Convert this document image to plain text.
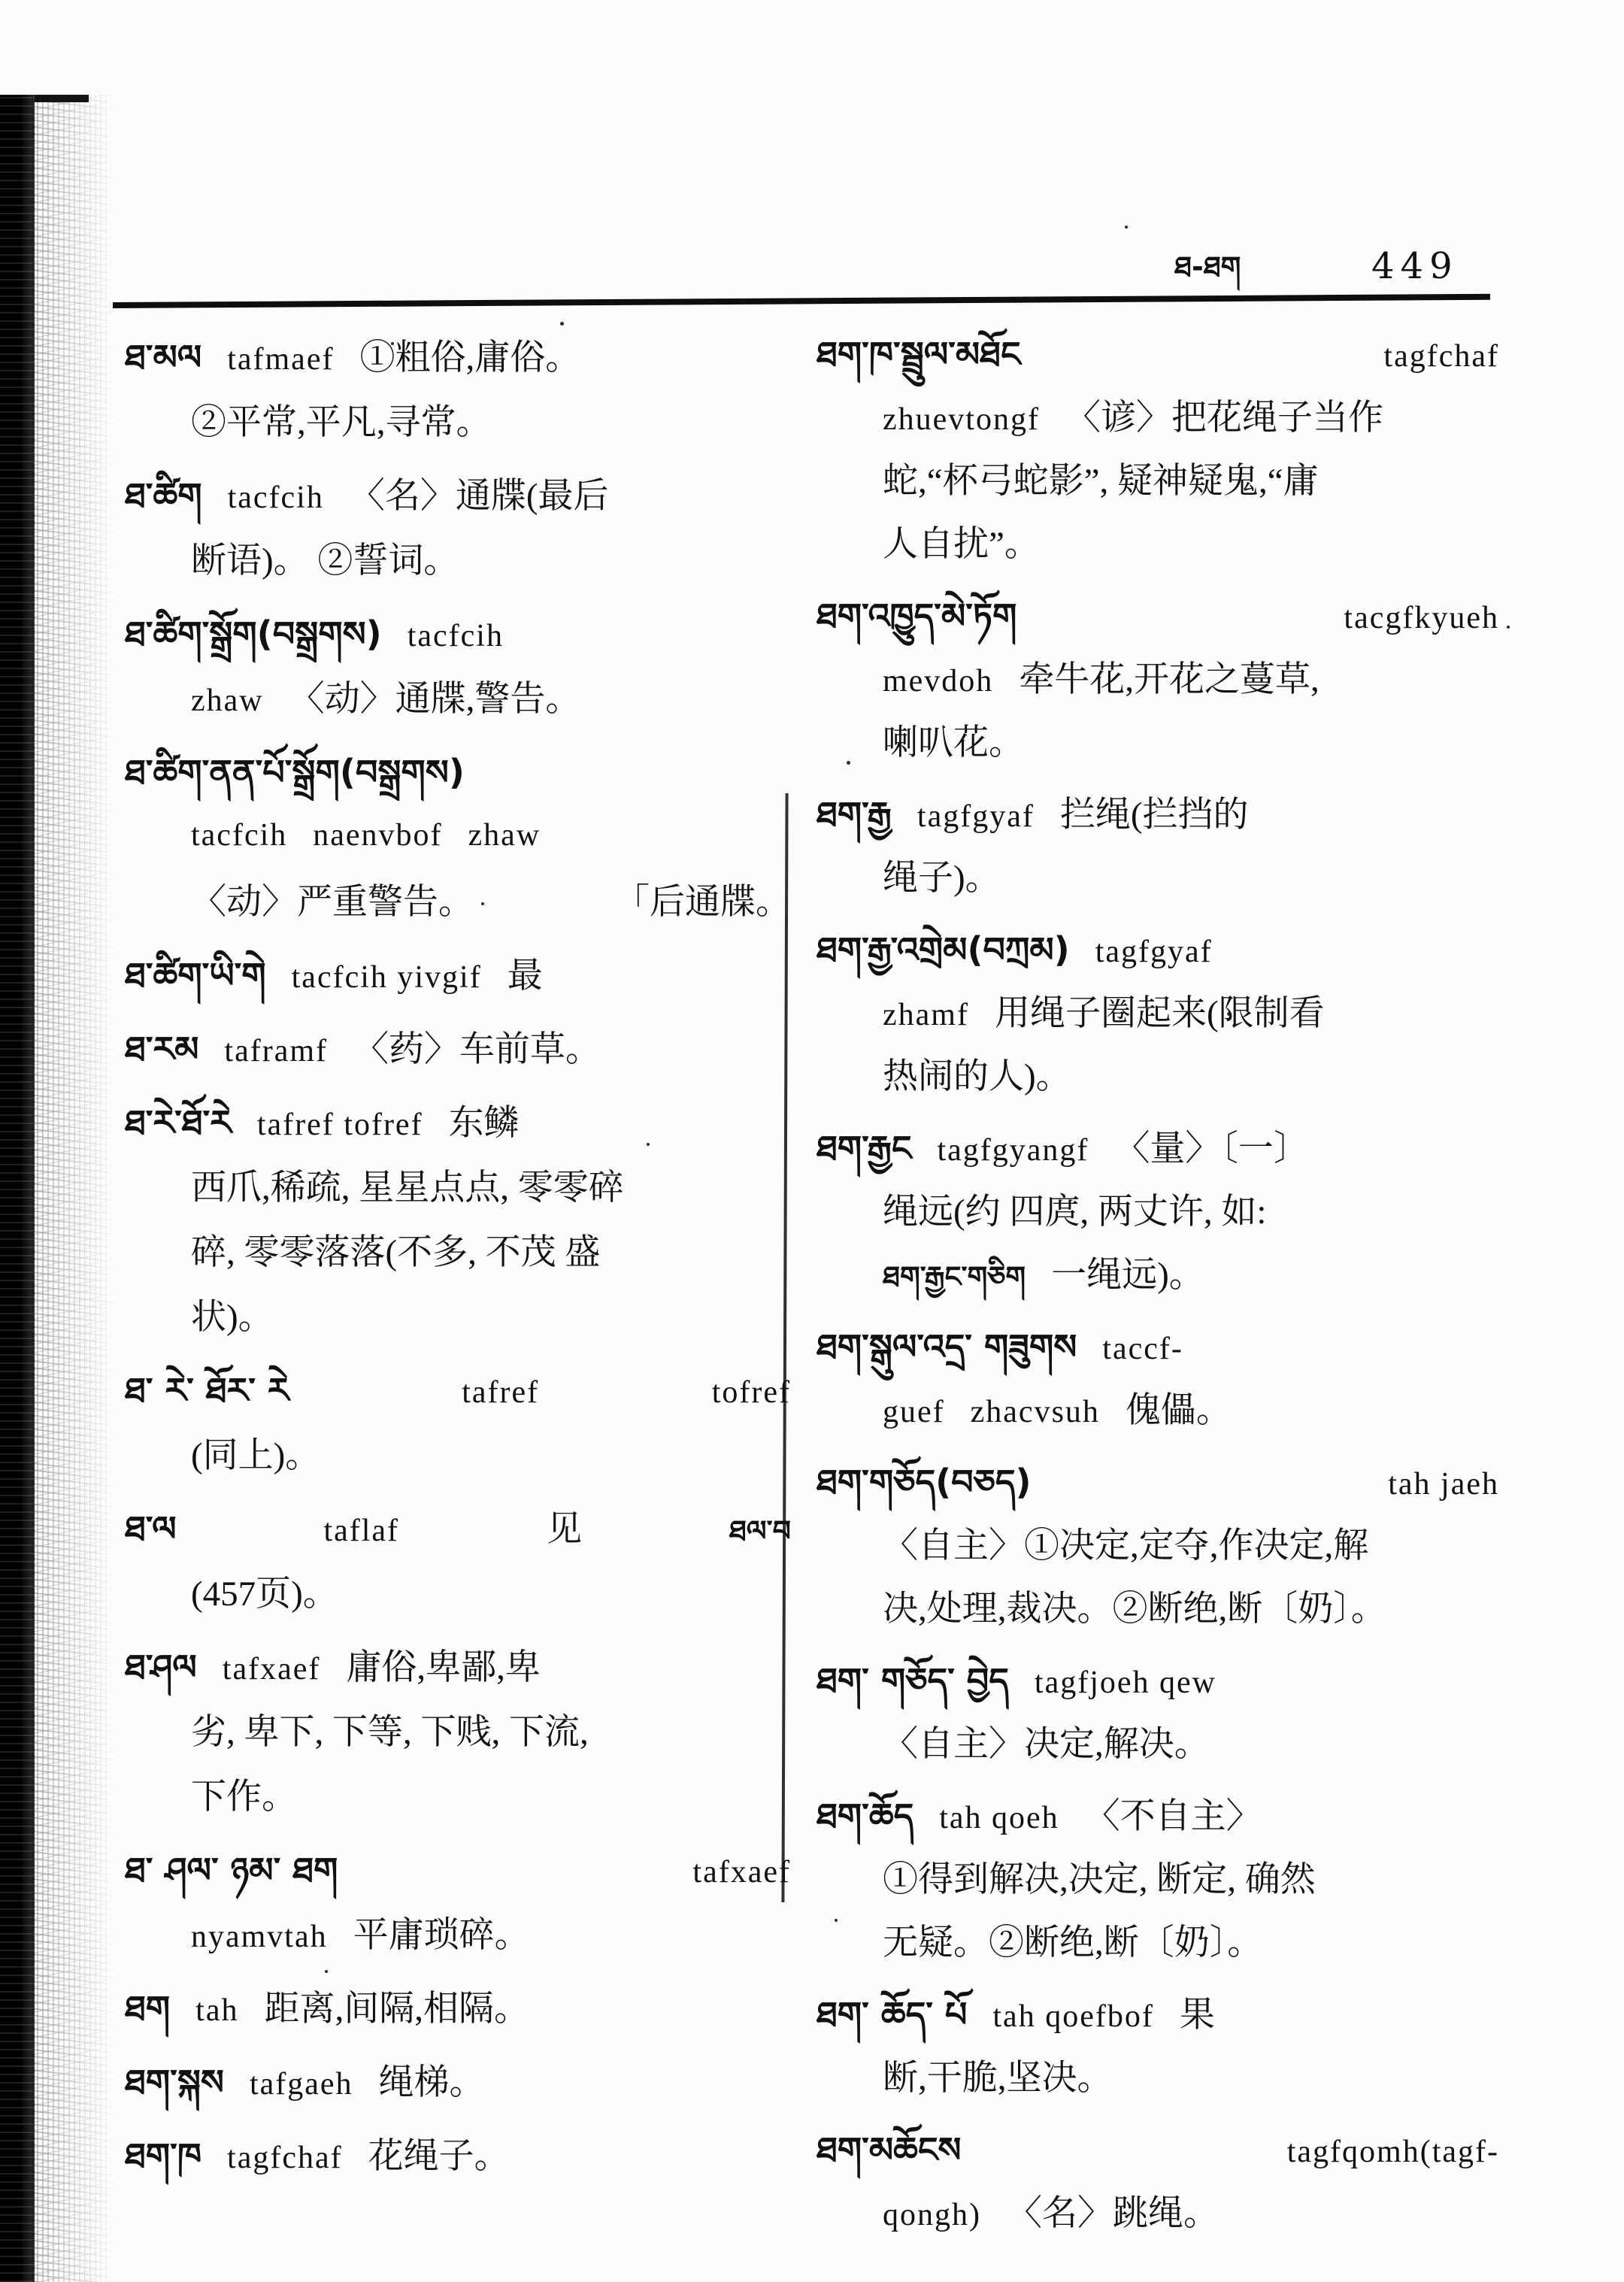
ཐ-ཐག	449
ཐ་མལ tafmaef ①粗俗,庸俗。
②平常,平凡,寻常。
ཐ་ཚིག tacfcih 〈名〉通牒(最后
断语)。 ②誓词。
ཐ་ཚིག་སྒྲོག(བསྒྲགས) tacfcih
zhaw 〈动〉通牒,警告。
ཐ་ཚིག་ནན་པོ་སྒྲོག(བསྒྲགས)
tacfcih naenvbof zhaw
〈动〉严重警告。	「后通牒。
ཐ་ཚིག་ཡི་གེ tacfcih yivgif 最
ཐ་རམ taframf 〈药〉车前草。
ཐ་རེ་ཐོ་རེ tafref tofref 东鳞
西爪,稀疏, 星星点点, 零零碎
碎, 零零落落(不多, 不茂 盛
状)。
ཐ་ རེ་ ཐོར་ རེ	tafref	tofref
(同上)。
ཐ་ལ	taflaf	见	ཐལ་བ
(457页)。
ཐ་ཤལ tafxaef 庸俗,卑鄙,卑
劣, 卑下, 下等, 下贱, 下流,
下作。
ཐ་ ཤལ་ ཉམ་ ཐག	tafxaef
nyamvtah 平庸琐碎。
ཐག tah 距离,间隔,相隔。
ཐག་སྐས tafgaeh 绳梯。
ཐག་ཁ tagfchaf 花绳子。
ཐག་ཁ་སྦྲུལ་མཐོང	tagfchaf
zhuevtongf 〈谚〉把花绳子当作
蛇,“杯弓蛇影”, 疑神疑鬼,“庸
人自扰”。
ཐག་འཁྱུད་མེ་ཏོག	tacgfkyueh
mevdoh 牵牛花,开花之蔓草,
喇叭花。
ཐག་རྒྱ tagfgyaf 拦绳(拦挡的
绳子)。
ཐག་རྒྱ་འགྲེམ(བཀྲམ) tagfgyaf
zhamf 用绳子圈起来(限制看
热闹的人)。
ཐག་རྒྱང tagfgyangf 〈量〉〔一〕
绳远(约 四庹, 两丈许, 如:
ཐག་རྒྱང་གཅིག 一绳远)。
ཐག་སྒུལ་འདྲ་ གཟུགས taccf-
guef zhacvsuh 傀儡。
ཐག་གཅོད(བཅད)	tah jaeh
〈自主〉①决定,定夺,作决定,解
决,处理,裁决。②断绝,断〔奶〕。
ཐག་ གཅོད་ བྱེད tagfjoeh qew
〈自主〉决定,解决。
ཐག་ཆོད tah qoeh 〈不自主〉
①得到解决,决定, 断定, 确然
无疑。②断绝,断〔奶〕。
ཐག་ ཆོད་ པོ tah qoefbof 果
断,干脆,坚决。
ཐག་མཆོངས	tagfqomh(tagf-
qongh) 〈名〉跳绳。
